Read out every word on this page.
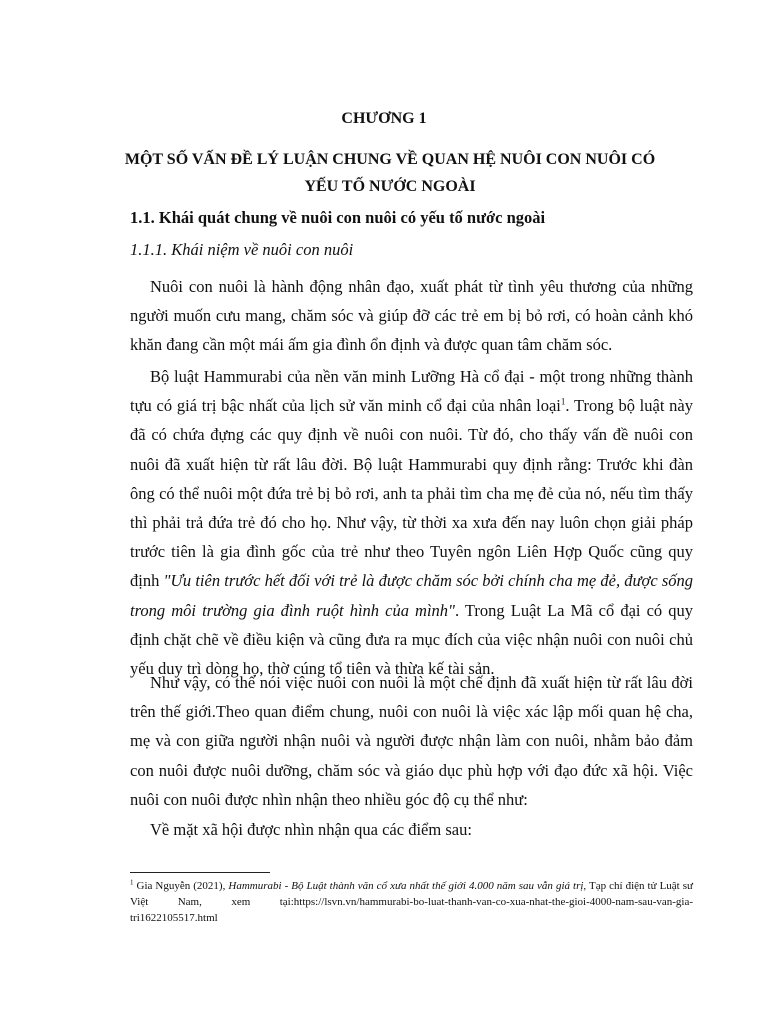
CHƯƠNG 1
MỘT SỐ VẤN ĐỀ LÝ LUẬN CHUNG VỀ QUAN HỆ NUÔI CON NUÔI CÓ YẾU TỐ NƯỚC NGOÀI
1.1. Khái quát chung về nuôi con nuôi có yếu tố nước ngoài
1.1.1. Khái niệm về nuôi con nuôi

Nuôi con nuôi là hành động nhân đạo, xuất phát từ tình yêu thương của những người muốn cưu mang, chăm sóc và giúp đỡ các trẻ em bị bỏ rơi, có hoàn cảnh khó khăn đang cần một mái ấm gia đình ổn định và được quan tâm chăm sóc.

Bộ luật Hammurabi của nền văn minh Lưỡng Hà cổ đại - một trong những thành tựu có giá trị bậc nhất của lịch sử văn minh cổ đại của nhân loại$^1$. Trong bộ luật này đã có chứa đựng các quy định về nuôi con nuôi. Từ đó, cho thấy vấn đề nuôi con nuôi đã xuất hiện từ rất lâu đời. Bộ luật Hammurabi quy định rằng: Trước khi đàn ông có thể nuôi một đứa trẻ bị bỏ rơi, anh ta phải tìm cha mẹ đẻ của nó, nếu tìm thấy thì phải trả đứa trẻ đó cho họ. Như vậy, từ thời xa xưa đến nay luôn chọn giải pháp trước tiên là gia đình gốc của trẻ như theo Tuyên ngôn Liên Hợp Quốc cũng quy định "Ưu tiên trước hết đối với trẻ là được chăm sóc bởi chính cha mẹ đẻ, được sống trong môi trường gia đình ruột hình của mình". Trong Luật La Mã cổ đại có quy định chặt chẽ về điều kiện và cũng đưa ra mục đích của việc nhận nuôi con nuôi chủ yếu duy trì dòng họ, thờ cúng tổ tiên và thừa kế tài sản.

Như vậy, có thể nói việc nuôi con nuôi là một chế định đã xuất hiện từ rất lâu đời trên thế giới.Theo quan điểm chung, nuôi con nuôi là việc xác lập mối quan hệ cha, mẹ và con giữa người nhận nuôi và người được nhận làm con nuôi, nhằm bảo đảm con nuôi được nuôi dưỡng, chăm sóc và giáo dục phù hợp với đạo đức xã hội. Việc nuôi con nuôi được nhìn nhận theo nhiều góc độ cụ thể như:

Về mặt xã hội được nhìn nhận qua các điểm sau:

$^1$ Gia Nguyễn (2021), Hammurabi - Bộ Luật thành văn cổ xưa nhất thế giới 4.000 năm sau vẫn giá trị, Tạp chí điện tử Luật sư Việt Nam, xem tại:https://lsvn.vn/hammurabi-bo-luat-thanh-van-co-xua-nhat-the-gioi-4000-nam-sau-van-gia-tri1622105517.html
